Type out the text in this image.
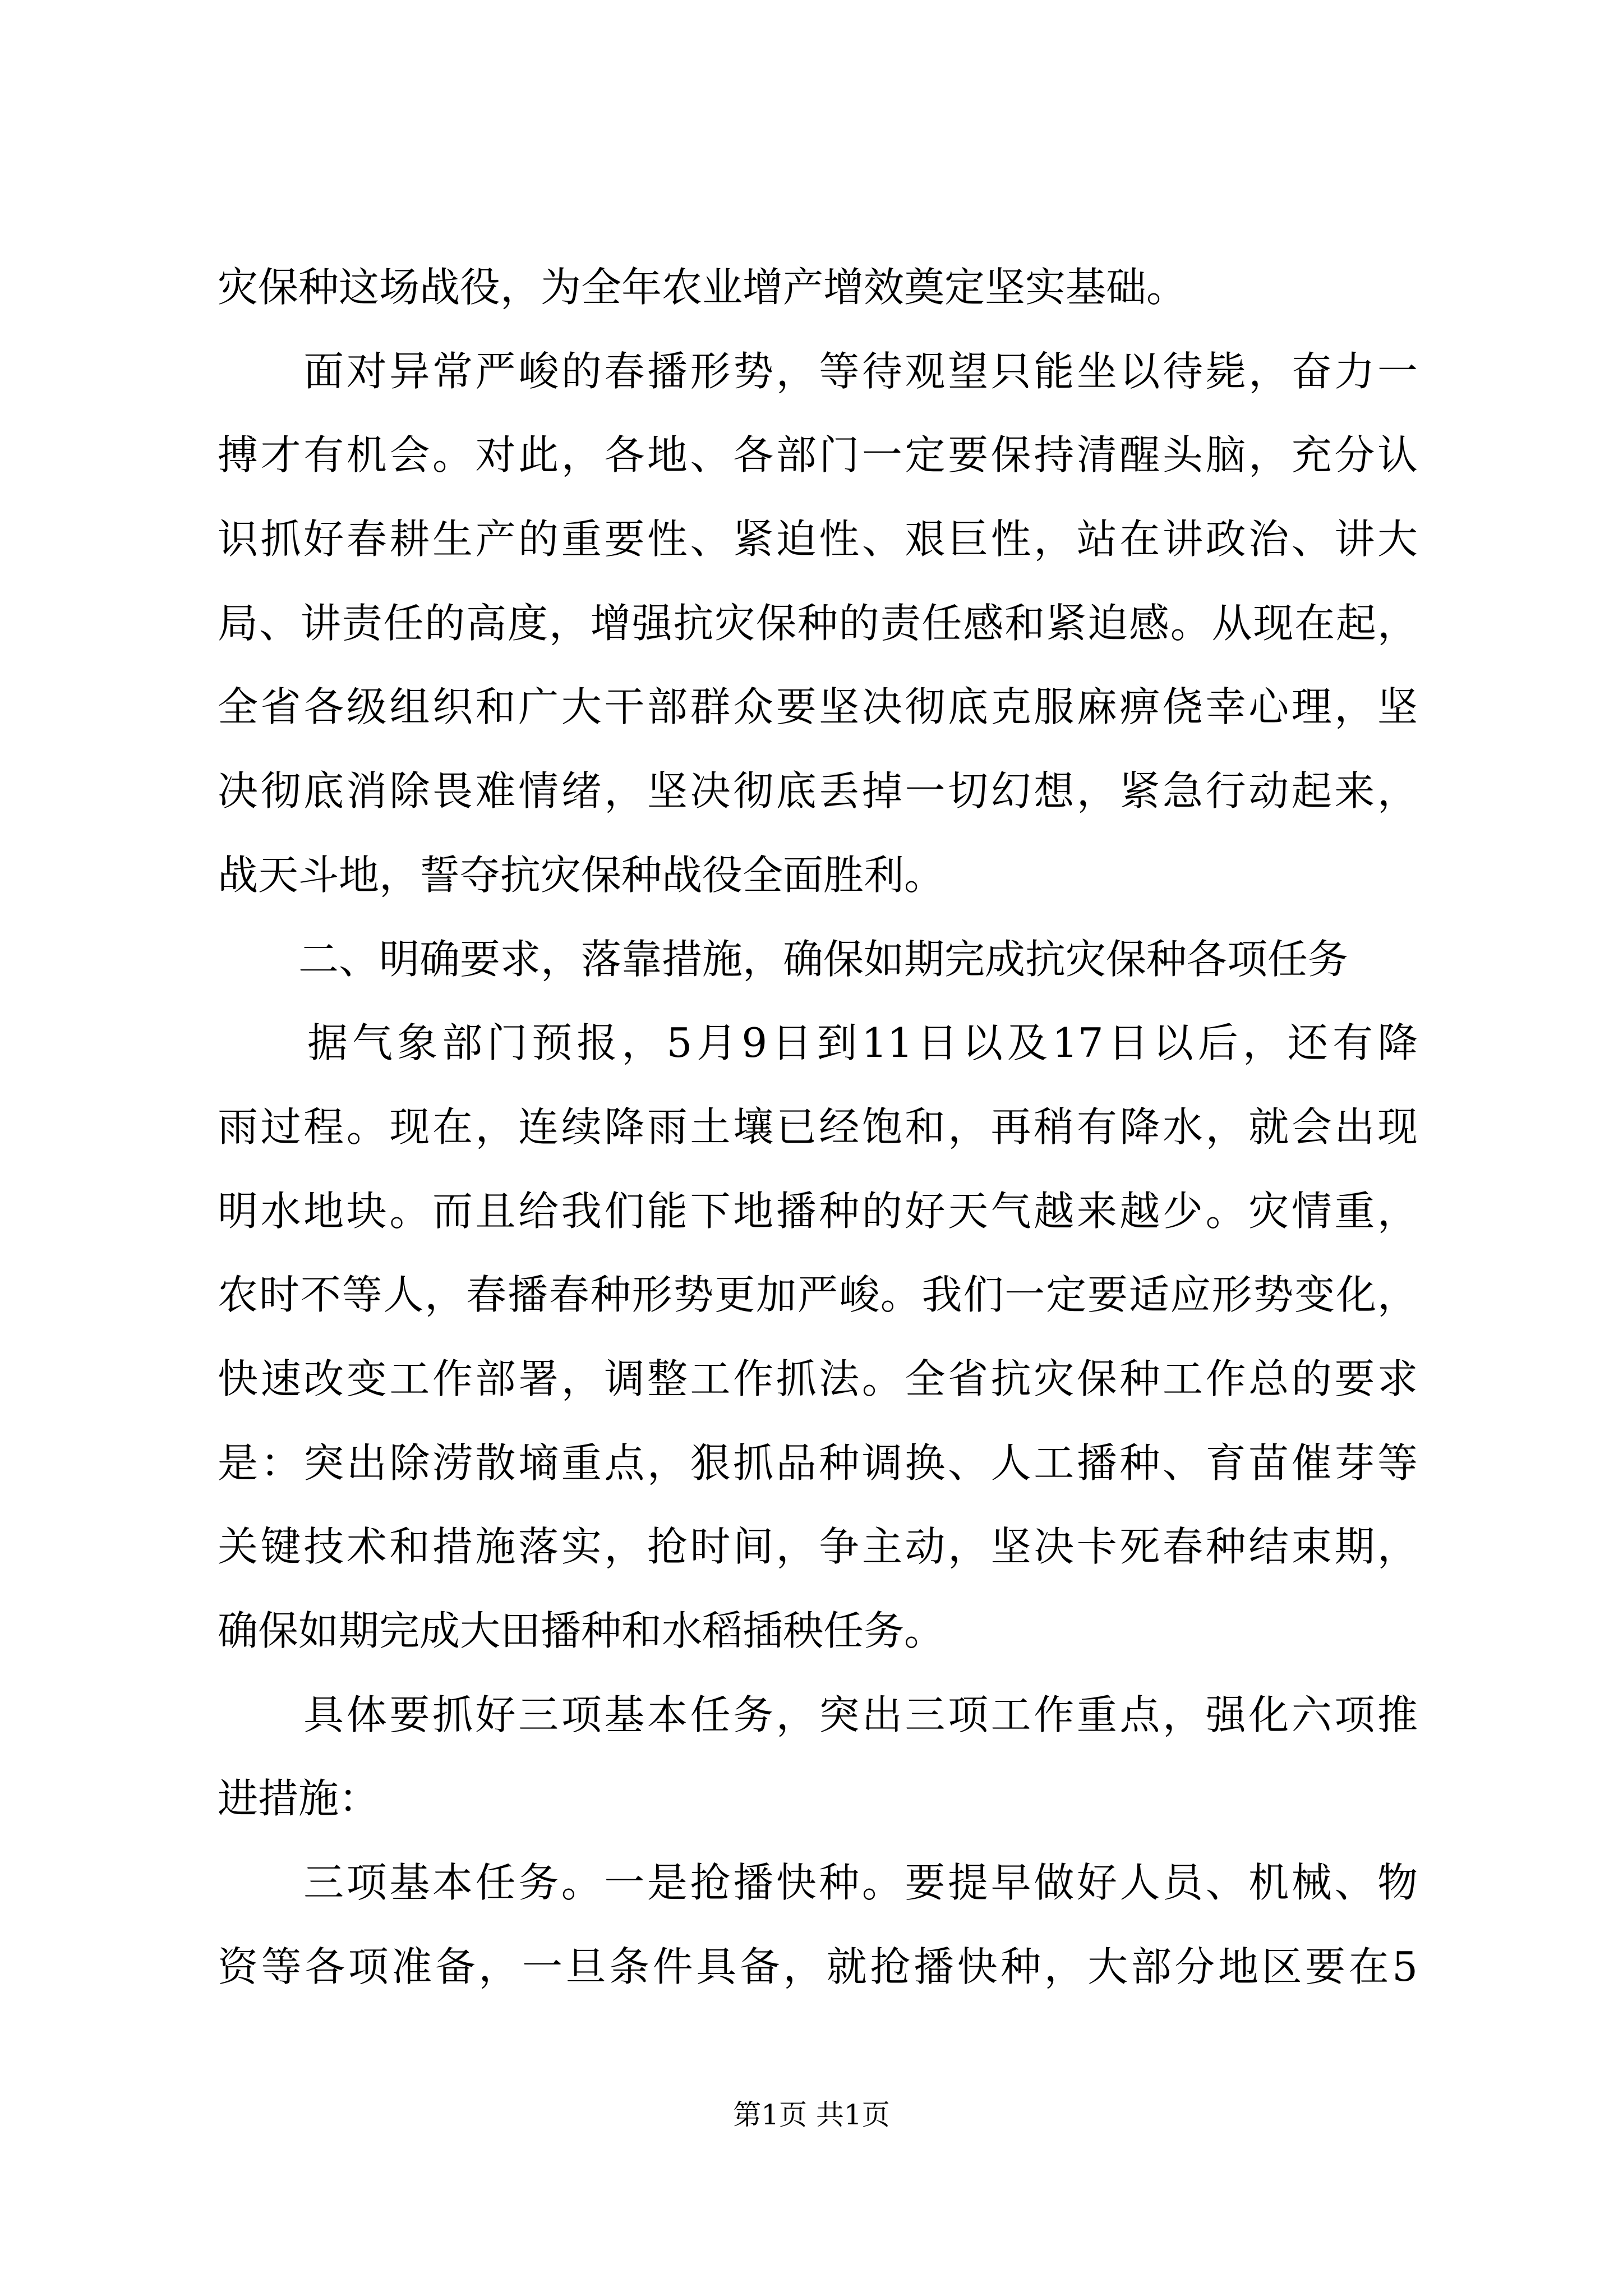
灾保种这场战役，为全年农业增产增效奠定坚实基础。
　　面对异常严峻的春播形势，等待观望只能坐以待毙，奋力一
搏才有机会。对此，各地、各部门一定要保持清醒头脑，充分认
识抓好春耕生产的重要性、紧迫性、艰巨性，站在讲政治、讲大
局、讲责任的高度，增强抗灾保种的责任感和紧迫感。从现在起，
全省各级组织和广大干部群众要坚决彻底克服麻痹侥幸心理，坚
决彻底消除畏难情绪，坚决彻底丢掉一切幻想，紧急行动起来，
战天斗地，誓夺抗灾保种战役全面胜利。
　　二、明确要求，落靠措施，确保如期完成抗灾保种各项任务
　　据气象部门预报，5月9日到11日以及17日以后，还有降
雨过程。现在，连续降雨土壤已经饱和，再稍有降水，就会出现
明水地块。而且给我们能下地播种的好天气越来越少。灾情重，
农时不等人，春播春种形势更加严峻。我们一定要适应形势变化，
快速改变工作部署，调整工作抓法。全省抗灾保种工作总的要求
是：突出除涝散墒重点，狠抓品种调换、人工播种、育苗催芽等
关键技术和措施落实，抢时间，争主动，坚决卡死春种结束期，
确保如期完成大田播种和水稻插秧任务。
　　具体要抓好三项基本任务，突出三项工作重点，强化六项推
进措施：
　　三项基本任务。一是抢播快种。要提早做好人员、机械、物
资等各项准备，一旦条件具备，就抢播快种，大部分地区要在5
第1页 共1页
